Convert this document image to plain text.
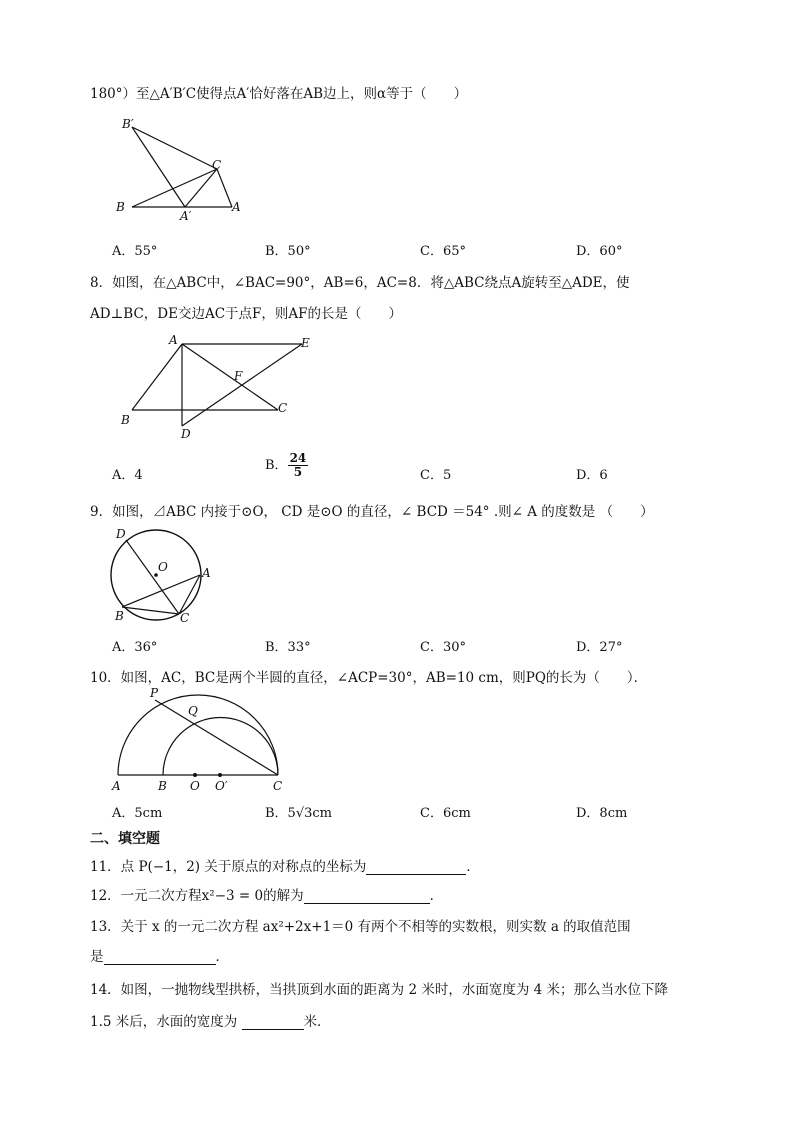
180°）至△A′B′C使得点A′恰好落在AB边上，则α等于（　　）
B′
C
B
A′
A
A．55°	B．50°	C．65°	D．60°
8．如图，在△ABC中，∠BAC=90°，AB=6，AC=8．将△ABC绕点A旋转至△ADE，使
AD⊥BC，DE交边AC于点F，则AF的长是（　　）
A	E
F
B
C
D
A．4
B． $\frac{24}{5}$	C．5	D．6
9．如图，⊿ABC 内接于⊙O， CD 是⊙O 的直径，∠ BCD ＝54° .则∠ A 的度数是 （　　）
D
O	A
B	C
A．36°	B．33°	C．30°	D．27°
10．如图，AC，BC是两个半圆的直径，∠ACP=30°，AB=10 cm，则PQ的长为（　　）．
P
Q
A	B O O′	C
A．5cm	B．5√3cm	C．6cm	D．8cm
二、填空题
11．点 P(−1，2) 关于原点的对称点的坐标为	．
12．一元二次方程x²−3 = 0的解为	．
13．关于 x 的一元二次方程 ax²+2x+1＝0 有两个不相等的实数根，则实数 a 的取值范围
是	．
14．如图，一抛物线型拱桥，当拱顶到水面的距离为 2 米时，水面宽度为 4 米；那么当水位下降
1.5 米后，水面的宽度为	米．
